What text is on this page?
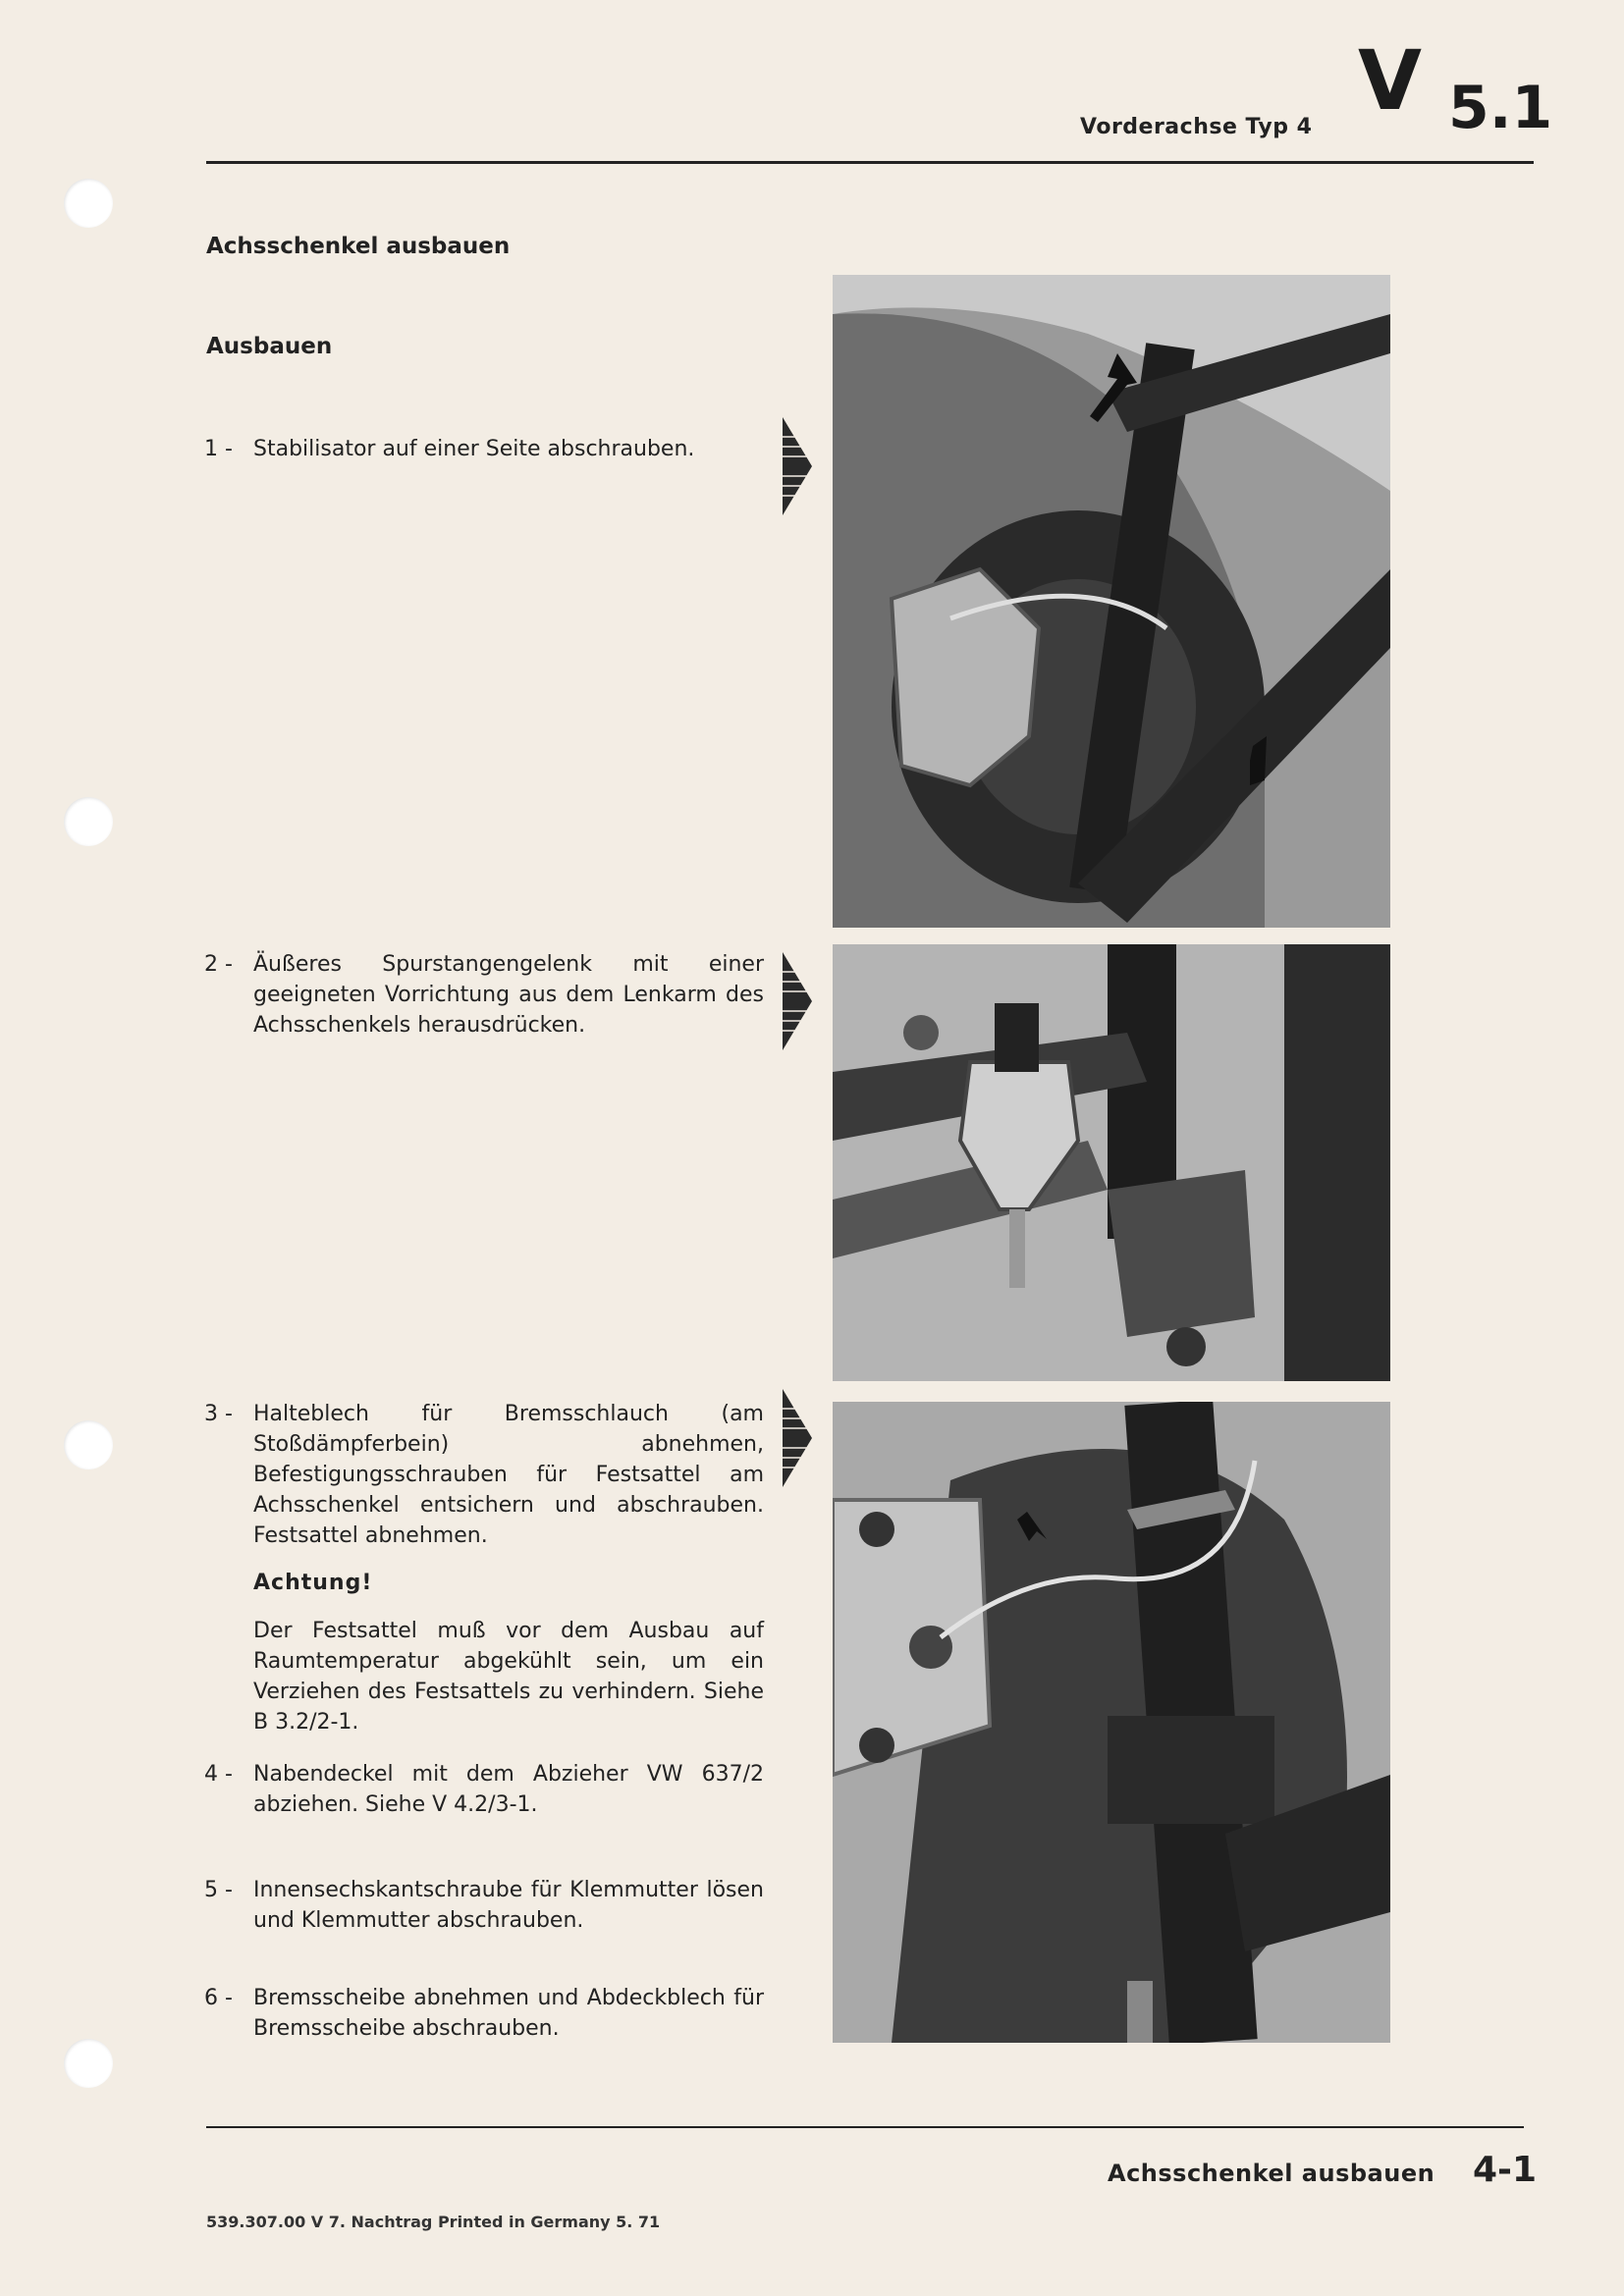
Vorderachse Typ 4 V 5.1
Achsschenkel ausbauen
Ausbauen
1 - Stabilisator auf einer Seite abschrauben.
2 - Äußeres Spurstangengelenk mit einer geeigneten Vorrichtung aus dem Lenkarm des Achsschenkels herausdrücken.
3 - Halteblech für Bremsschlauch (am Stoßdämpferbein) abnehmen, Befestigungsschrauben für Festsattel am Achsschenkel entsichern und abschrauben. Festsattel abnehmen.
Achtung!
Der Festsattel muß vor dem Ausbau auf Raumtemperatur abgekühlt sein, um ein Verziehen des Festsattels zu verhindern. Siehe B 3.2/2-1.
4 - Nabendeckel mit dem Abzieher VW 637/2 abziehen. Siehe V 4.2/3-1.
5 - Innensechskantschraube für Klemmutter lösen und Klemmutter abschrauben.
6 - Bremsscheibe abnehmen und Abdeckblech für Bremsscheibe abschrauben.
Achsschenkel ausbauen 4-1
539.307.00 V 7. Nachtrag Printed in Germany 5. 71
